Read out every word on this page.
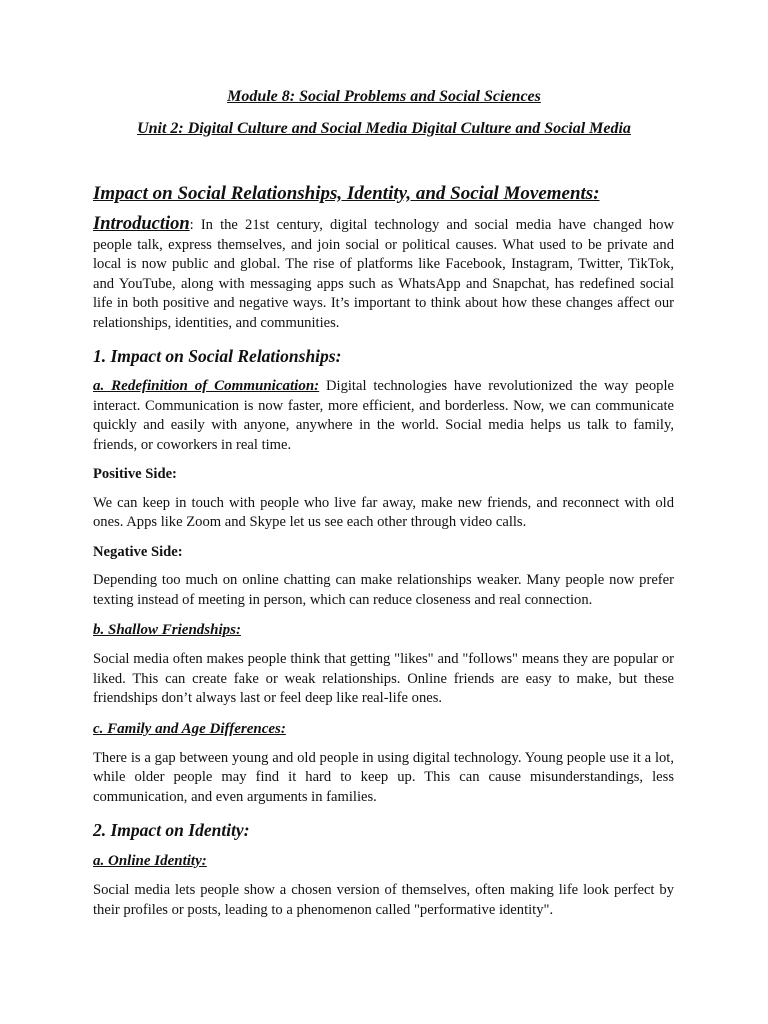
Module 8: Social Problems and Social Sciences
Unit 2: Digital Culture and Social Media Digital Culture and Social Media
Impact on Social Relationships, Identity, and Social Movements:

Introduction: In the 21st century, digital technology and social media have changed how people talk, express themselves, and join social or political causes. What used to be private and local is now public and global. The rise of platforms like Facebook, Instagram, Twitter, TikTok, and YouTube, along with messaging apps such as WhatsApp and Snapchat, has redefined social life in both positive and negative ways. It’s important to think about how these changes affect our relationships, identities, and communities.

1. Impact on Social Relationships:

a. Redefinition of Communication: Digital technologies have revolutionized the way people interact. Communication is now faster, more efficient, and borderless. Now, we can communicate quickly and easily with anyone, anywhere in the world. Social media helps us talk to family, friends, or coworkers in real time.

Positive Side:

We can keep in touch with people who live far away, make new friends, and reconnect with old ones. Apps like Zoom and Skype let us see each other through video calls.

Negative Side:

Depending too much on online chatting can make relationships weaker. Many people now prefer texting instead of meeting in person, which can reduce closeness and real connection.

b. Shallow Friendships:

Social media often makes people think that getting "likes" and "follows" means they are popular or liked. This can create fake or weak relationships. Online friends are easy to make, but these friendships don’t always last or feel deep like real-life ones.

c. Family and Age Differences:

There is a gap between young and old people in using digital technology. Young people use it a lot, while older people may find it hard to keep up. This can cause misunderstandings, less communication, and even arguments in families.

2. Impact on Identity:
a. Online Identity:

Social media lets people show a chosen version of themselves, often making life look perfect by their profiles or posts, leading to a phenomenon called "performative identity".
